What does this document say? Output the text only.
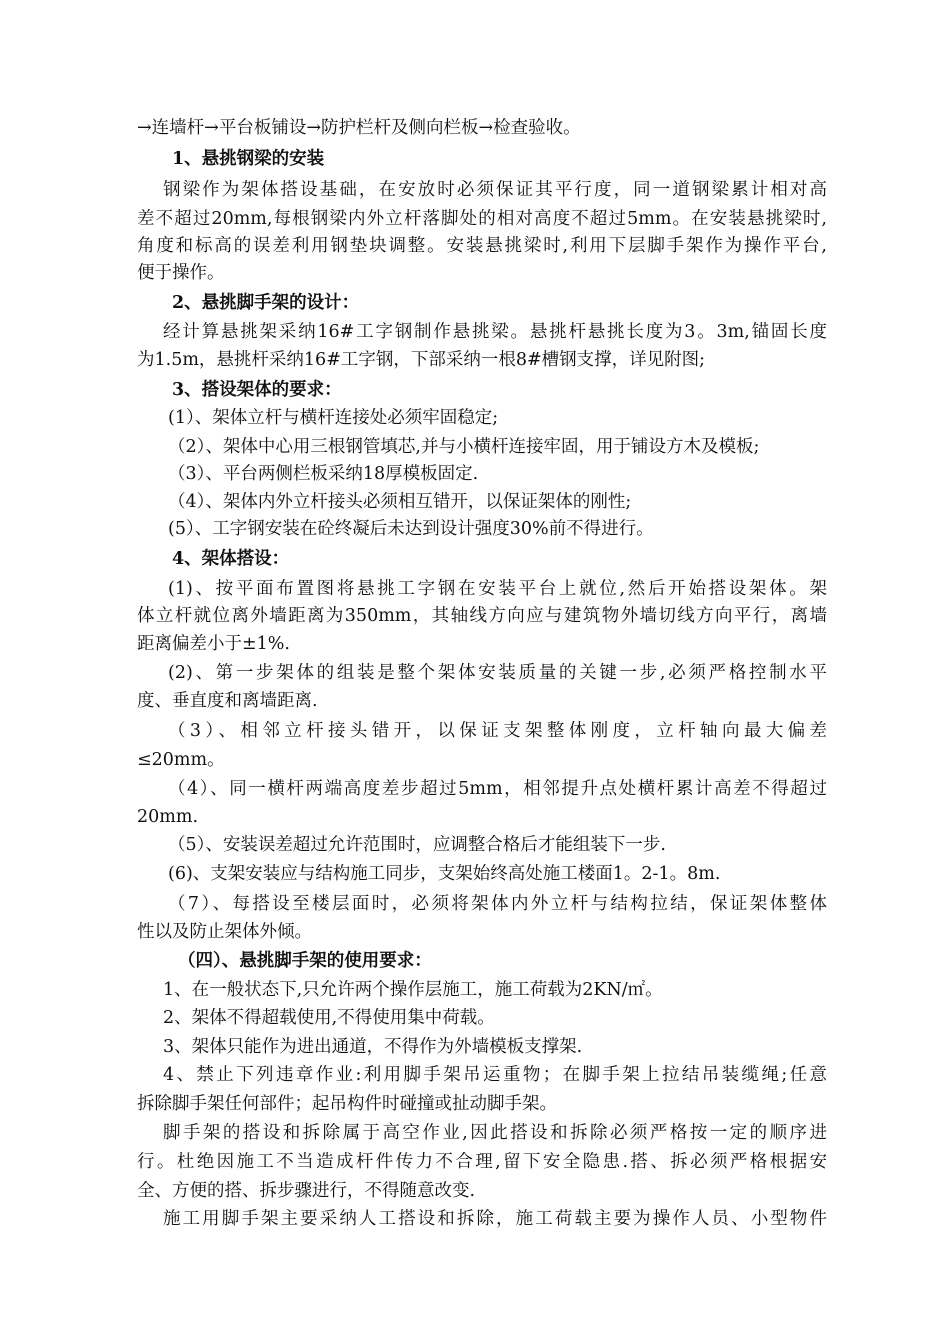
→连墙杆→平台板铺设→防护栏杆及侧向栏板→检查验收。
1、悬挑钢梁的安装
钢梁作为架体搭设基础，在安放时必须保证其平行度，同一道钢梁累计相对高
差不超过20mm,每根钢梁内外立杆落脚处的相对高度不超过5mm。在安装悬挑梁时,
角度和标高的误差利用钢垫块调整。安装悬挑梁时,利用下层脚手架作为操作平台,
便于操作。
2、悬挑脚手架的设计：
经计算悬挑架采纳16#工字钢制作悬挑梁。悬挑杆悬挑长度为3。3m,锚固长度
为1.5m，悬挑杆采纳16#工字钢，下部采纳一根8#槽钢支撑，详见附图;
3、搭设架体的要求：
(1）、架体立杆与横杆连接处必须牢固稳定;
（2）、架体中心用三根钢管填芯,并与小横杆连接牢固，用于铺设方木及模板;
（3）、平台两侧栏板采纳18厚模板固定.
（4）、架体内外立杆接头必须相互错开，以保证架体的刚性;
(5）、工字钢安装在砼终凝后未达到设计强度30%前不得进行。
4、架体搭设：
(1)、按平面布置图将悬挑工字钢在安装平台上就位,然后开始搭设架体。架
体立杆就位离外墙距离为350mm，其轴线方向应与建筑物外墙切线方向平行，离墙
距离偏差小于±1%.
(2)、第一步架体的组装是整个架体安装质量的关键一步,必须严格控制水平
度、垂直度和离墙距离.
（3）、相邻立杆接头错开，以保证支架整体刚度，立杆轴向最大偏差
≤20mm。
（4）、同一横杆两端高度差步超过5mm，相邻提升点处横杆累计高差不得超过
20mm.
（5）、安装误差超过允许范围时，应调整合格后才能组装下一步.
(6)、支架安装应与结构施工同步，支架始终高处施工楼面1。2-1。8m.
（7）、每搭设至楼层面时，必须将架体内外立杆与结构拉结，保证架体整体
性以及防止架体外倾。
（四）、悬挑脚手架的使用要求：
1、在一般状态下,只允许两个操作层施工，施工荷载为2KN/㎡。
2、架体不得超载使用,不得使用集中荷载。
3、架体只能作为进出通道，不得作为外墙模板支撑架.
4、禁止下列违章作业:利用脚手架吊运重物；在脚手架上拉结吊装缆绳;任意
拆除脚手架任何部件；起吊构件时碰撞或扯动脚手架。
脚手架的搭设和拆除属于高空作业,因此搭设和拆除必须严格按一定的顺序进
行。杜绝因施工不当造成杆件传力不合理,留下安全隐患.搭、拆必须严格根据安
全、方便的搭、拆步骤进行，不得随意改变.
施工用脚手架主要采纳人工搭设和拆除，施工荷载主要为操作人员、小型物件
